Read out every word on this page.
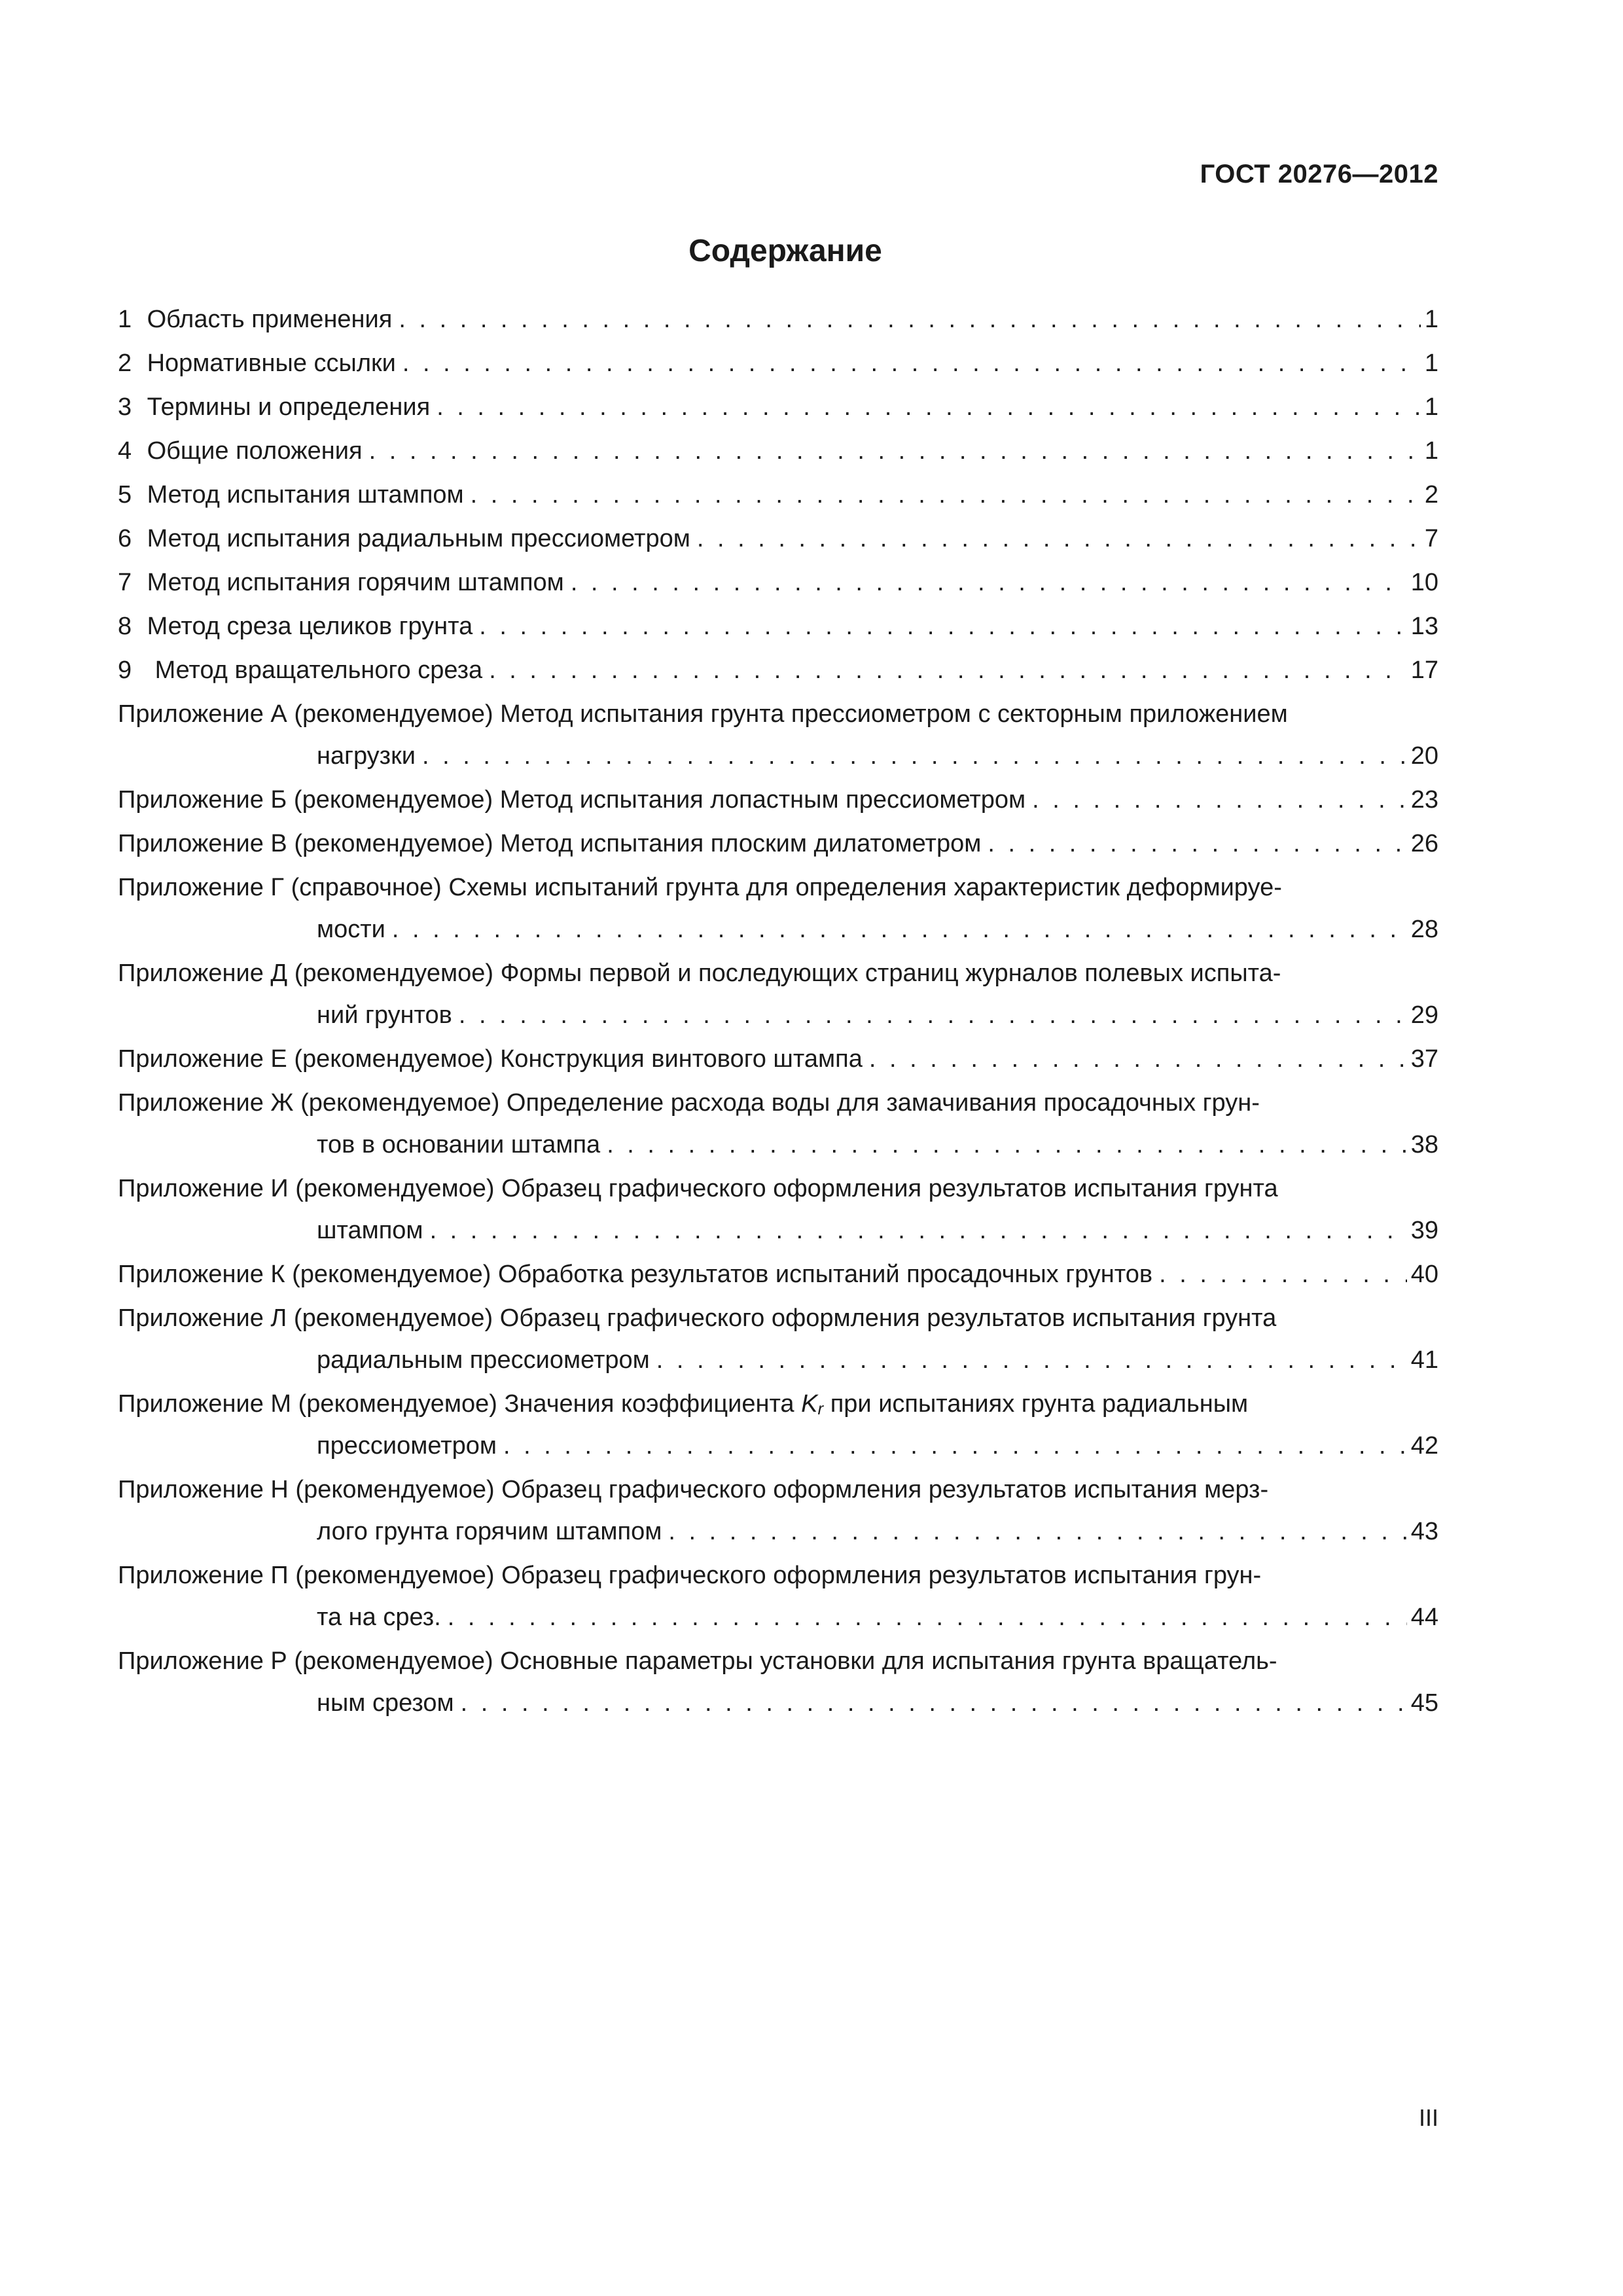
ГОСТ 20276—2012
Содержание
1 Область применения . . .	1
2 Нормативные ссылки . . .	1
3 Термины и определения . . .	1
4 Общие положения . . .	1
5 Метод испытания штампом . . .	2
6 Метод испытания радиальным прессиометром . . .	7
7 Метод испытания горячим штампом . . .	10
8 Метод среза целиков грунта . . .	13
9 Метод вращательного среза . . .	17
Приложение А (рекомендуемое) Метод испытания грунта прессиометром с секторным приложением
нагрузки . . .	20
Приложение Б (рекомендуемое) Метод испытания лопастным прессиометром . . .	23
Приложение В (рекомендуемое) Метод испытания плоским дилатометром . . .	26
Приложение Г (справочное) Схемы испытаний грунта для определения характеристик деформируе-
мости . . .	28
Приложение Д (рекомендуемое) Формы первой и последующих страниц журналов полевых испыта-
ний грунтов . . .	29
Приложение Е (рекомендуемое) Конструкция винтового штампа . . .	37
Приложение Ж (рекомендуемое) Определение расхода воды для замачивания просадочных грун-
тов в основании штампа . . .	38
Приложение И (рекомендуемое) Образец графического оформления результатов испытания грунта
штампом . . .	39
Приложение К (рекомендуемое) Обработка результатов испытаний просадочных грунтов . . .	40
Приложение Л (рекомендуемое) Образец графического оформления результатов испытания грунта
радиальным прессиометром . . .	41
Приложение М (рекомендуемое) Значения коэффициента $K_r$ при испытаниях грунта радиальным
прессиометром . . .	42
Приложение Н (рекомендуемое) Образец графического оформления результатов испытания мерз-
лого грунта горячим штампом . . .	43
Приложение П (рекомендуемое) Образец графического оформления результатов испытания грун-
та на срез. . . .	44
Приложение Р (рекомендуемое) Основные параметры установки для испытания грунта вращатель-
ным срезом . . .	45
III
